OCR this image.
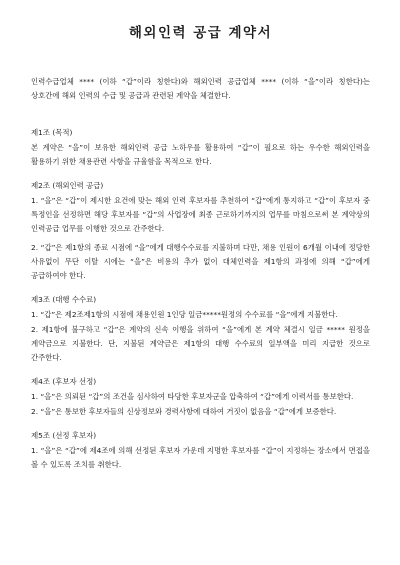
해외인력 공급 계약서

인력수급업체 **** (이하 “갑”이라 칭한다)와 해외인력 공급업체 **** (이하 “을”이라 칭한다)는 상호간에 해외 인력의 수급 및 공급과 관련된 계약을 체결한다.

제1조 (목적)

본 계약은 “을”이 보유한 해외인력 공급 노하우를 활용하여 “갑”이 필요로 하는 우수한 해외인력을 활용하기 위한 채용관련 사항을 규율함을 목적으로 한다.

제2조 (해외인력 공급)

1. “을”은 “갑”이 제시한 요건에 맞는 해외 인력 후보자를 추천하여 “갑”에게 통지하고 “갑”이 후보자 중 특정인을 선정하면 해당 후보자를 “갑”의 사업장에 최종 근로하기까지의 업무를 마침으로써 본 계약상의 인력공급 업무를 이행한 것으로 간주한다.

2. “갑”은 제1항의 종료 시점에 “을”에게 대행수수료를 지불하며 다만, 채용 인원이 6개월 이내에 정당한 사유없이 무단 이탈 시에는 “을”은 비용의 추가 없이 대체인력을 제1항의 과정에 의해 “갑”에게 공급하여야 한다.

제3조 (대행 수수료)

1. “갑”은 제2조제1항의 시점에 채용인원 1인당 일금*****원정의 수수료를 “을”에게 지불한다.

2. 제1항에 불구하고 “갑”은 계약의 신속 이행을 위하여 “을”에게 본 계약 체결시 일금 ***** 원정을 계약금으로 지불한다. 단, 지불된 계약금은 제1항의 대행 수수료의 일부액을 미리 지급한 것으로 간주한다.

제4조 (후보자 선정)

1. “을”은 의뢰된 “갑”의 조건을 심사하여 타당한 후보자군을 압축하여 “갑”에게 이력서를 통보한다.

2. “을”은 통보한 후보자들의 신상정보와 경력사항에 대하여 거짓이 없음을 “갑”에게 보증한다.

제5조 (선정 후보자)

1. “을”은 “갑”에 제4조에 의해 선정된 후보자 가운데 지명한 후보자를 “갑”이 지정하는 장소에서 면접을 볼 수 있도록 조치를 취한다.
